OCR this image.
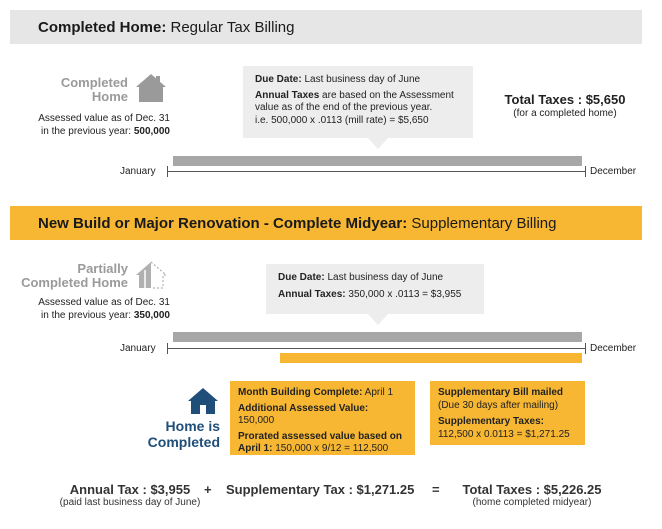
Completed Home: Regular Tax Billing
Completed
Home
Assessed value as of Dec. 31
in the previous year: 500,000
Due Date: Last business day of June
Annual Taxes are based on the Assessment value as of the end of the previous year.
i.e. 500,000 x .0113 (mill rate) = $5,650
Total Taxes : $5,650
(for a completed home)
January	December
New Build or Major Renovation - Complete Midyear: Supplementary Billing
Partially
Completed Home
Assessed value as of Dec. 31
in the previous year: 350,000
Due Date: Last business day of June
Annual Taxes: 350,000 x .0113 = $3,955
January	December
Home is
Completed
Month Building Complete: April 1
Additional Assessed Value: 150,000
Prorated assessed value based on April 1: 150,000 x 9/12 = 112,500
Supplementary Bill mailed
(Due 30 days after mailing)
Supplementary Taxes:
112,500 x 0.0113 = $1,271.25
Annual Tax : $3,955
(paid last business day of June)
+ Supplementary Tax : $1,271.25 =	Total Taxes : $5,226.25
(home completed midyear)
